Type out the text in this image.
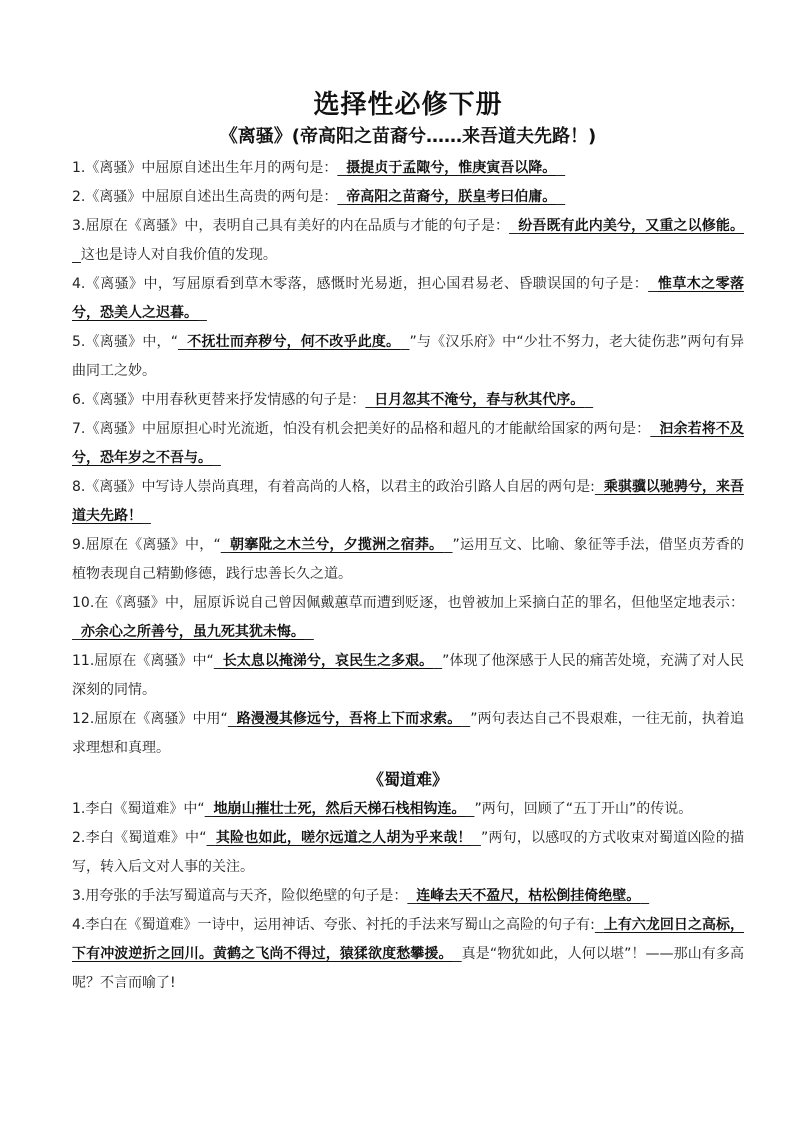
选择性必修下册
《离骚》(帝高阳之苗裔兮……来吾道夫先路！)

1.《离骚》中屈原自述出生年月的两句是： 摄提贞于孟陬兮，惟庚寅吾以降。

2.《离骚》中屈原自述出生高贵的两句是： 帝高阳之苗裔兮，朕皇考曰伯庸。

3.屈原在《离骚》中，表明自己具有美好的内在品质与才能的句子是： 纷吾既有此内美兮，又重之以修能。  这也是诗人对自我价值的发现。

4.《离骚》中，写屈原看到草木零落，感慨时光易逝，担心国君易老、昏聩误国的句子是： 惟草木之零落兮，恐美人之迟暮。

5.《离骚》中，“ 不抚壮而弃秽兮，何不改乎此度。 ”与《汉乐府》中“少壮不努力，老大徒伤悲”两句有异曲同工之妙。

6.《离骚》中用春秋更替来抒发情感的句子是： 日月忽其不淹兮，春与秋其代序。

7.《离骚》中屈原担心时光流逝，怕没有机会把美好的品格和超凡的才能献给国家的两句是： 汩余若将不及兮，恐年岁之不吾与。

8.《离骚》中写诗人崇尚真理，有着高尚的人格，以君主的政治引路人自居的两句是: 乘骐骥以驰骋兮，来吾道夫先路！

9.屈原在《离骚》中，“ 朝搴阰之木兰兮，夕揽洲之宿莽。 ”运用互文、比喻、象征等手法，借坚贞芳香的植物表现自己精勤修德，践行忠善长久之道。

10.在《离骚》中，屈原诉说自己曾因佩戴蕙草而遭到贬逐，也曾被加上采摘白芷的罪名，但他坚定地表示：  亦余心之所善兮，虽九死其犹未悔。

11.屈原在《离骚》中“ 长太息以掩涕兮，哀民生之多艰。 ”体现了他深感于人民的痛苦处境，充满了对人民深刻的同情。

12.屈原在《离骚》中用“ 路漫漫其修远兮，吾将上下而求索。 ”两句表达自己不畏艰难，一往无前，执着追求理想和真理。

《蜀道难》

1.李白《蜀道难》中“ 地崩山摧壮士死，然后天梯石栈相钩连。 ”两句，回顾了“五丁开山”的传说。

2.李白《蜀道难》中“ 其险也如此，嗟尔远道之人胡为乎来哉！ ”两句，以感叹的方式收束对蜀道凶险的描写，转入后文对人事的关注。

3.用夸张的手法写蜀道高与天齐，险似绝壁的句子是： 连峰去天不盈尺，枯松倒挂倚绝壁。

4.李白在《蜀道难》一诗中，运用神话、夸张、衬托的手法来写蜀山之高险的句子有: 上有六龙回日之高标，下有冲波逆折之回川。黄鹤之飞尚不得过，猿猱欲度愁攀援。 真是“物犹如此，人何以堪”！——那山有多高呢？不言而喻了!
